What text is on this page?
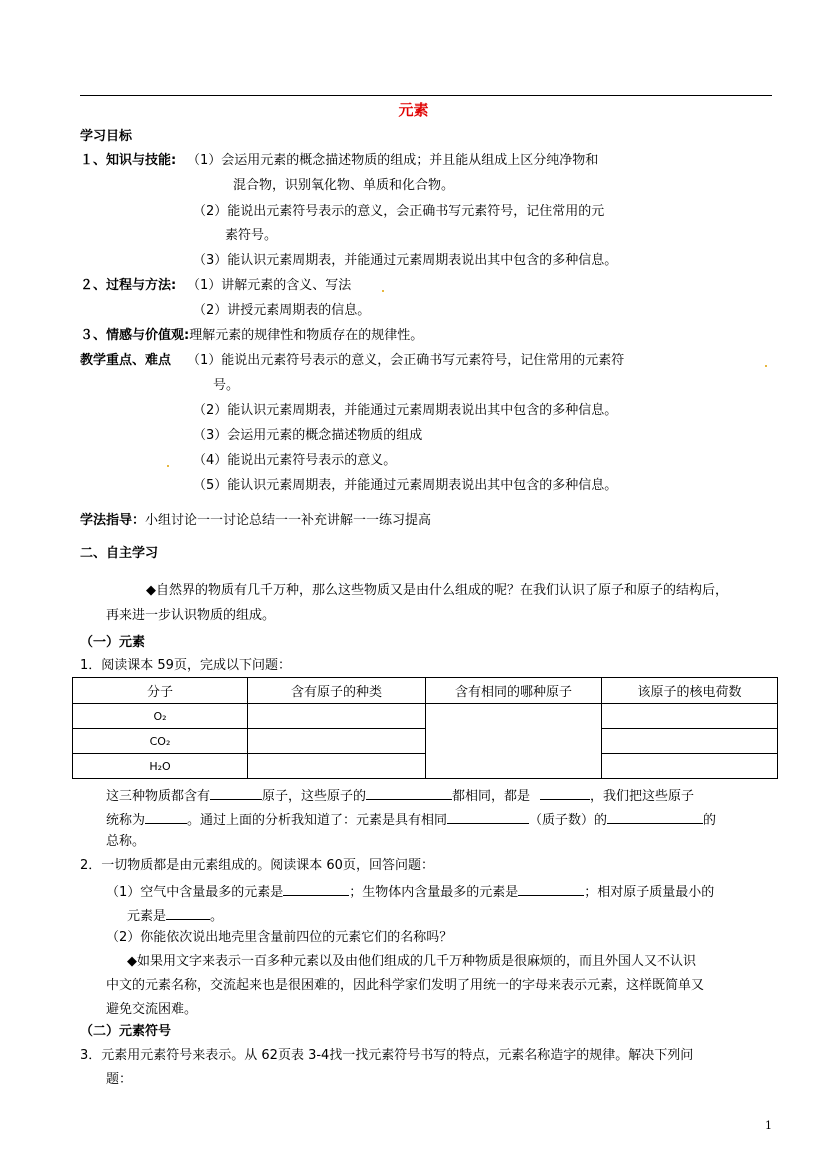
元素
学习目标
１、知识与技能: （1）会运用元素的概念描述物质的组成；并且能从组成上区分纯净物和
混合物，识别氧化物、单质和化合物。
（2）能说出元素符号表示的意义，会正确书写元素符号，记住常用的元
素符号。
（3）能认识元素周期表，并能通过元素周期表说出其中包含的多种信息。
２、过程与方法: （1）讲解元素的含义、写法
（2）讲授元素周期表的信息。
３、情感与价值观:理解元素的规律性和物质存在的规律性。
教学重点、难点 （1）能说出元素符号表示的意义，会正确书写元素符号，记住常用的元素符
号。
（2）能认识元素周期表，并能通过元素周期表说出其中包含的多种信息。
（3）会运用元素的概念描述物质的组成
（4）能说出元素符号表示的意义。
（5）能认识元素周期表，并能通过元素周期表说出其中包含的多种信息。
学法指导：小组讨论一一讨论总结一一补充讲解一一练习提高
二、自主学习
◆自然界的物质有几千万种，那么这些物质又是由什么组成的呢？在我们认识了原子和原子的结构后，
再来进一步认识物质的组成。
（一）元素
1．阅读课本 59页，完成以下问题：
分子	含有原子的种类	含有相同的哪种原子	该原子的核电荷数
O₂			
CO₂			
H₂O			
这三种物质都含有	原子，这些原子的	都相同，都是	，我们把这些原子
统称为	。通过上面的分析我知道了：元素是具有相同	（质子数）的	的
总称。
2．一切物质都是由元素组成的。阅读课本 60页，回答问题：
（1）空气中含量最多的元素是	；生物体内含量最多的元素是	；相对原子质量最小的
元素是	。
（2）你能依次说出地壳里含量前四位的元素它们的名称吗？
◆如果用文字来表示一百多种元素以及由他们组成的几千万种物质是很麻烦的，而且外国人又不认识
中文的元素名称，交流起来也是很困难的，因此科学家们发明了用统一的字母来表示元素，这样既简单又
避免交流困难。
（二）元素符号
3．元素用元素符号来表示。从 62页表 3-4找一找元素符号书写的特点，元素名称造字的规律。解决下列问
题：
1
